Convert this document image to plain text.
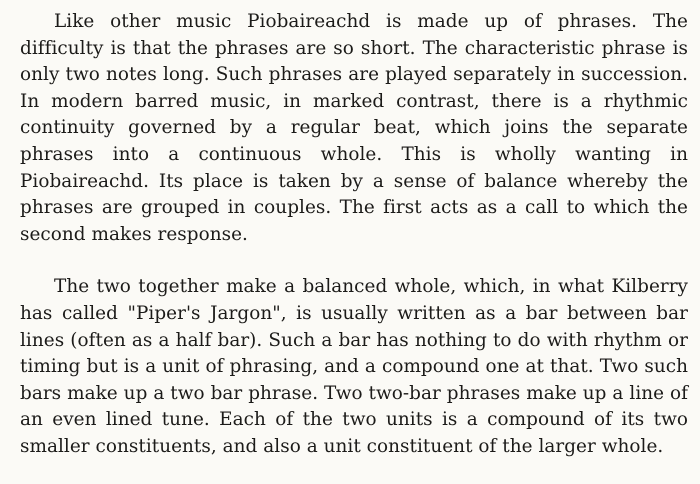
Like other music Piobaireachd is made up of phrases. The difficulty is that the phrases are so short. The characteristic phrase is only two notes long. Such phrases are played separately in succession. In modern barred music, in marked contrast, there is a rhythmic continuity governed by a regular beat, which joins the separate phrases into a continuous whole. This is wholly wanting in Piobaireachd. Its place is taken by a sense of balance whereby the phrases are grouped in couples. The first acts as a call to which the second makes response.

The two together make a balanced whole, which, in what Kilberry has called "Piper's Jargon", is usually written as a bar between bar lines (often as a half bar). Such a bar has nothing to do with rhythm or timing but is a unit of phrasing, and a compound one at that. Two such bars make up a two bar phrase. Two two-bar phrases make up a line of an even lined tune. Each of the two units is a compound of its two smaller constituents, and also a unit constituent of the larger whole.
